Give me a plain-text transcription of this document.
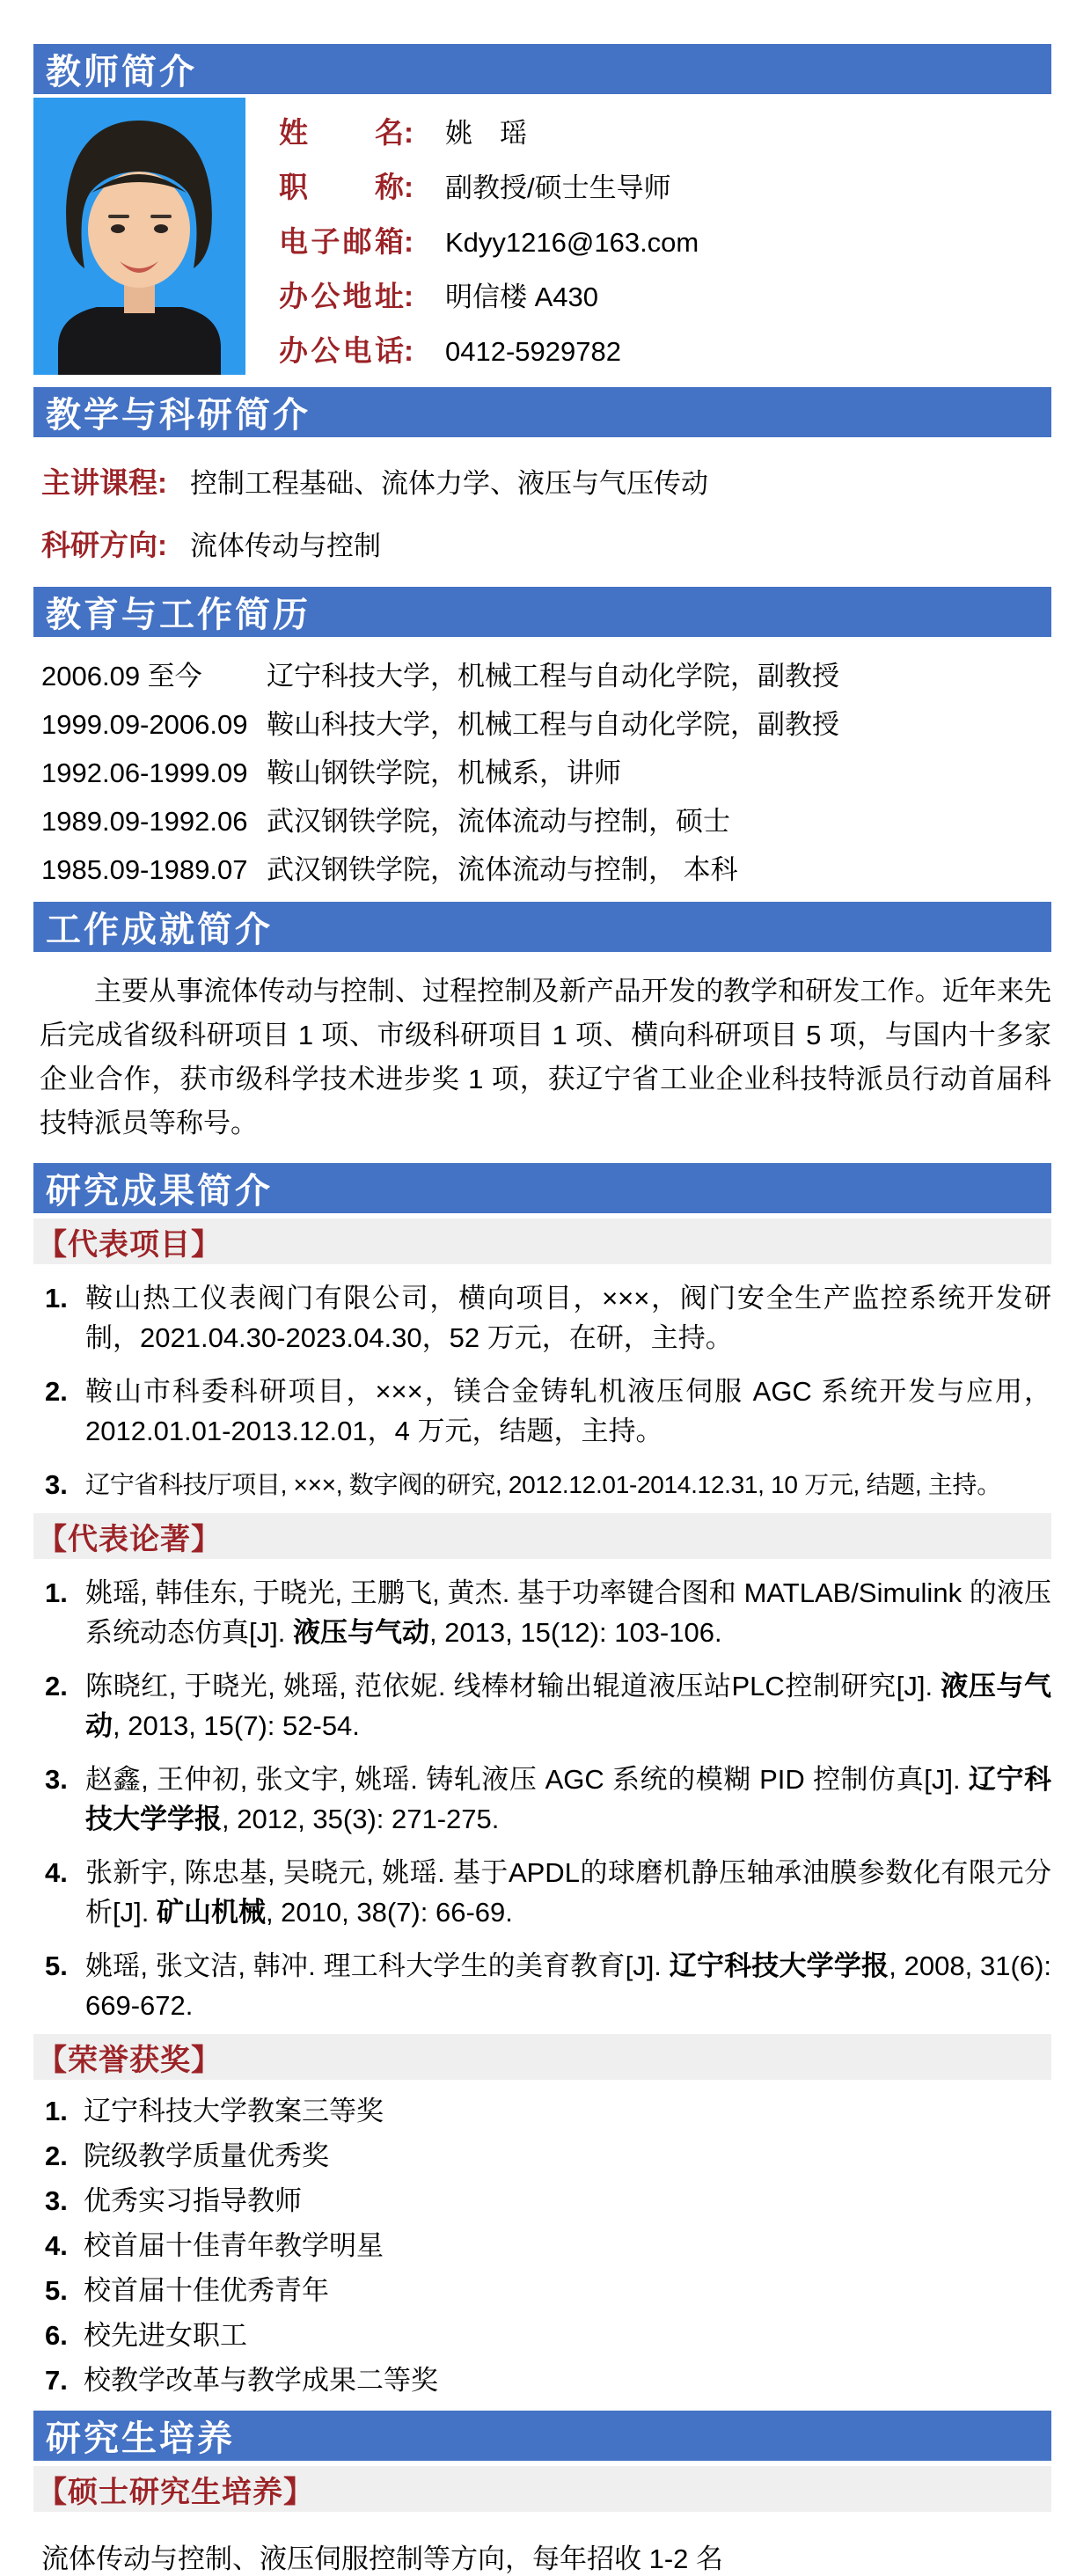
教师简介
姓名: 姚　瑶
职称: 副教授/硕士生导师
电子邮箱: Kdyy1216@163.com
办公地址: 明信楼 A430
办公电话: 0412-5929782
教学与科研简介
主讲课程: 控制工程基础、流体力学、液压与气压传动
科研方向: 流体传动与控制
教育与工作简历
2006.09 至今	辽宁科技大学，机械工程与自动化学院，副教授
1999.09-2006.09 鞍山科技大学，机械工程与自动化学院，副教授
1992.06-1999.09 鞍山钢铁学院，机械系，讲师
1989.09-1992.06 武汉钢铁学院，流体流动与控制，硕士
1985.09-1989.07 武汉钢铁学院，流体流动与控制， 本科
工作成就简介

主要从事流体传动与控制、过程控制及新产品开发的教学和研发工作。近年来先后完成省级科研项目 1 项、市级科研项目 1 项、横向科研项目 5 项，与国内十多家企业合作，获市级科学技术进步奖 1 项，获辽宁省工业企业科技特派员行动首届科技特派员等称号。

研究成果简介
【代表项目】
1. 鞍山热工仪表阀门有限公司，横向项目，×××，阀门安全生产监控系统开发研制，2021.04.30-2023.04.30，52 万元，在研，主持。
2. 鞍山市科委科研项目，×××，镁合金铸轧机液压伺服 AGC 系统开发与应用，2012.01.01-2013.12.01，4 万元，结题，主持。
3. 辽宁省科技厅项目, ×××, 数字阀的研究, 2012.12.01-2014.12.31, 10 万元, 结题, 主持。
【代表论著】
1. 姚瑶, 韩佳东, 于晓光, 王鹏飞, 黄杰. 基于功率键合图和 MATLAB/Simulink 的液压系统动态仿真[J]. 液压与气动, 2013, 15(12): 103-106.
2. 陈晓红, 于晓光, 姚瑶, 范依妮. 线棒材输出辊道液压站PLC控制研究[J]. 液压与气动, 2013, 15(7): 52-54.
3. 赵鑫, 王仲初, 张文宇, 姚瑶. 铸轧液压 AGC 系统的模糊 PID 控制仿真[J]. 辽宁科技大学学报, 2012, 35(3): 271-275.
4. 张新宇, 陈忠基, 吴晓元, 姚瑶. 基于APDL的球磨机静压轴承油膜参数化有限元分析[J]. 矿山机械, 2010, 38(7): 66-69.
5. 姚瑶, 张文洁, 韩冲. 理工科大学生的美育教育[J]. 辽宁科技大学学报, 2008, 31(6): 669-672.
【荣誉获奖】
1. 辽宁科技大学教案三等奖
2. 院级教学质量优秀奖
3. 优秀实习指导教师
4. 校首届十佳青年教学明星
5. 校首届十佳优秀青年
6. 校先进女职工
7. 校教学改革与教学成果二等奖
研究生培养
【硕士研究生培养】

流体传动与控制、液压伺服控制等方向，每年招收 1-2 名
